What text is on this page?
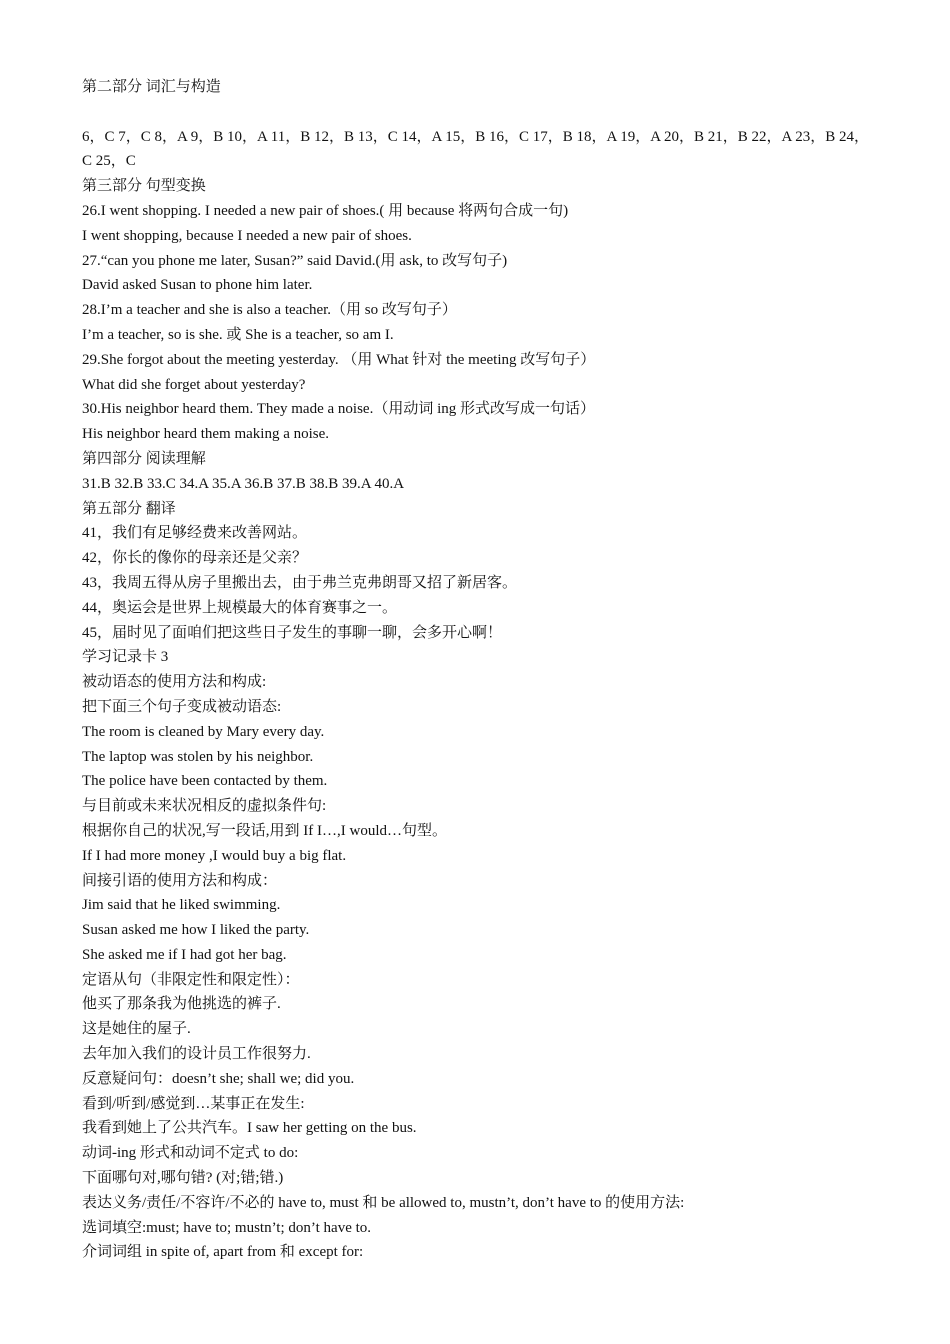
第二部分 词汇与构造
6，C 7，C 8，A 9，B 10，A 11，B 12，B 13，C 14，A 15，B 16，C 17，B 18，A 19，A 20，B 21，B 22，A 23，B 24，C 25，C
第三部分 句型变换
26.I went shopping. I needed a new pair of shoes.( 用 because 将两句合成一句)
I went shopping, because I needed a new pair of shoes.
27.“can you phone me later, Susan?” said David.(用 ask, to 改写句子)
David asked Susan to phone him later.
28.I’m a teacher and she is also a teacher.（用 so 改写句子）
I’m a teacher, so is she. 或 She is a teacher, so am I.
29.She forgot about the meeting yesterday. （用 What 针对 the meeting 改写句子）
What did she forget about yesterday?
30.His neighbor heard them. They made a noise.（用动词 ing 形式改写成一句话）
His neighbor heard them making a noise.
第四部分 阅读理解
31.B 32.B 33.C 34.A 35.A 36.B 37.B 38.B 39.A 40.A
第五部分 翻译
41，我们有足够经费来改善网站。
42，你长的像你的母亲还是父亲？
43，我周五得从房子里搬出去，由于弗兰克弗朗哥又招了新居客。
44，奥运会是世界上规模最大的体育赛事之一。
45，届时见了面咱们把这些日子发生的事聊一聊，会多开心啊！
学习记录卡 3
被动语态的使用方法和构成:
把下面三个句子变成被动语态:
The room is cleaned by Mary every day.
The laptop was stolen by his neighbor.
The police have been contacted by them.
与目前或未来状况相反的虚拟条件句:
根据你自己的状况,写一段话,用到 If I…,I would…句型。
If I had more money ,I would buy a big flat.
间接引语的使用方法和构成：
Jim said that he liked swimming.
Susan asked me how I liked the party.
She asked me if I had got her bag.
定语从句（非限定性和限定性）：
他买了那条我为他挑选的裤子.
这是她住的屋子.
去年加入我们的设计员工作很努力.
反意疑问句：doesn’t she; shall we; did you.
看到/听到/感觉到…某事正在发生:
我看到她上了公共汽车。I saw her getting on the bus.
动词-ing 形式和动词不定式 to do:
下面哪句对,哪句错? (对;错;错.)
表达义务/责任/不容许/不必的 have to, must 和 be allowed to, mustn’t, don’t have to 的使用方法:
选词填空:must; have to; mustn’t; don’t have to.
介词词组 in spite of, apart from 和 except for:
